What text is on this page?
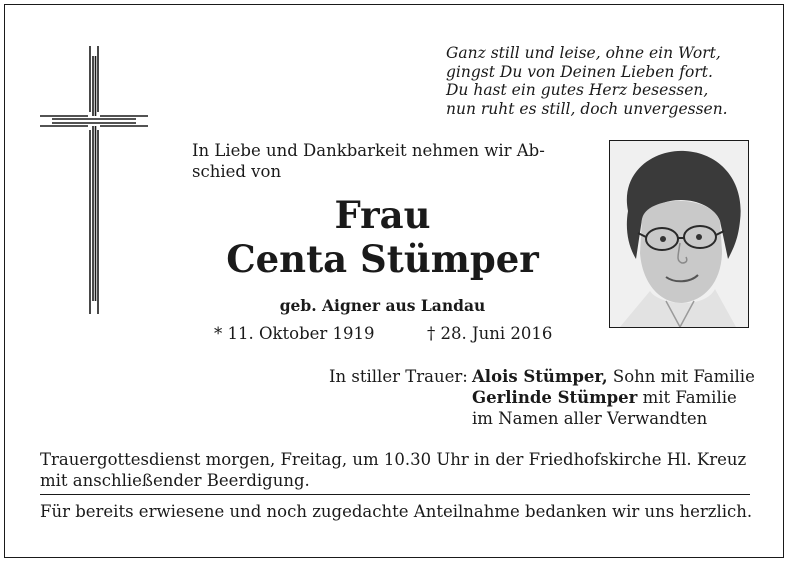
Ganz still und leise, ohne ein Wort,
gingst Du von Deinen Lieben fort.
Du hast ein gutes Herz besessen,
nun ruht es still, doch unvergessen.
In Liebe und Dankbarkeit nehmen wir Ab-
schied von
Frau
Centa Stümper
geb. Aigner aus Landau
* 11. Oktober 1919	† 28. Juni 2016
In stiller Trauer: Alois Stümper, Sohn mit Familie
Gerlinde Stümper mit Familie
im Namen aller Verwandten
Trauergottesdienst morgen, Freitag, um 10.30 Uhr in der Friedhofskirche Hl. Kreuz
mit anschließender Beerdigung.
Für bereits erwiesene und noch zugedachte Anteilnahme bedanken wir uns herzlich.
